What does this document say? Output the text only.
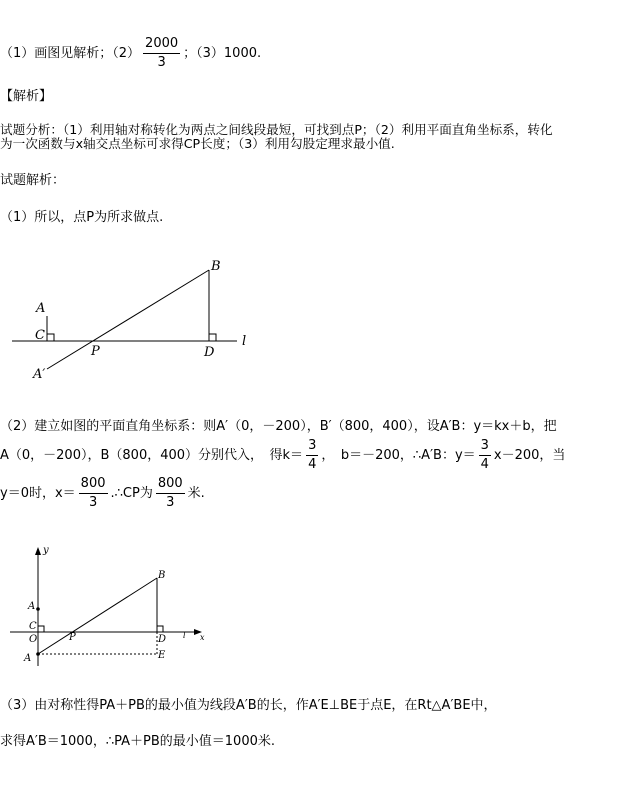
（1）画图见解析；$(2) \frac{2000}{3}$ ；（3）1000.
【解析】
试题分析：（1）利用轴对称转化为两点之间线段最短，可找到点P；（2）利用平面直角坐标系，转化
为一次函数与x轴交点坐标可求得CP长度；（3）利用勾股定理求最小值.
试题解析：
（1）所以，点P为所求做点.
A
B
C
D
P
A′
l
（2）建立如图的平面直角坐标系：则A′（0，－200），B′（800，400），设A′B：y＝kx＋b，把
A（0，－200），B（800，400）分别代入，　得$k= \frac{3}{4}$ ，　b＝－200，∴A′B：$y= \frac{3}{4} x-200$，当
y＝0时，$x= \frac{800}{3}$ .∴CP为 $\frac{800}{3}$ 米.
y
A
B
C
O	P	D
E
A
l x
（3）由对称性得PA＋PB的最小值为线段A′B的长，作A′E⊥BE于点E，在Rt△A′BE中，
求得A′B＝1000，∴PA＋PB的最小值＝1000米.
